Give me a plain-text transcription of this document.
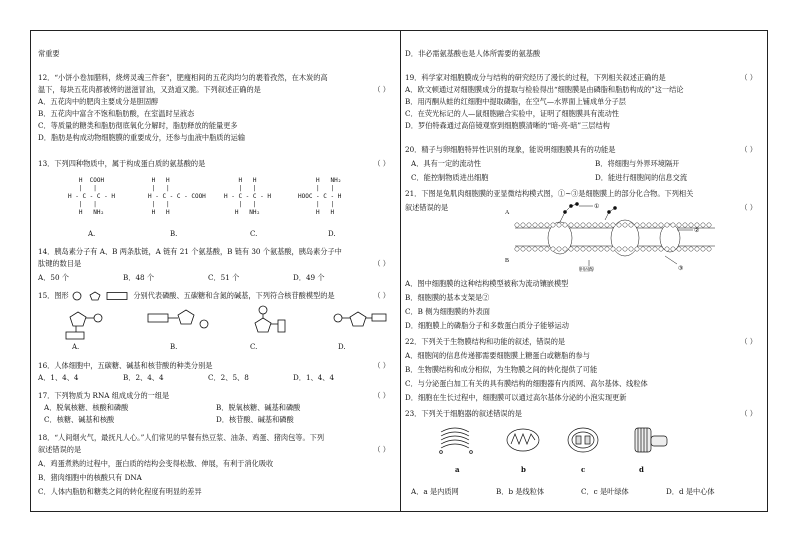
常重要
12．“小饼小卷加腊料，烧烤灵魂三件套”，肥瘦相间的五花肉均匀的裹着孜然，在木炭的高
温下，每块五花肉都被烤的滋滋冒油，又劲道又脆。下列叙述正确的是	（ ）
A．五花肉中的肥肉主要成分是胆固醇
B．五花肉中富含不饱和脂肪酸，在室温时呈液态
C．等质量的糖类和脂肪彻底氧化分解时，脂肪释放的能量更多
D．脂肪是构成动物细胞膜的重要成分，还参与血液中脂质的运输
13．下列四种物质中，属于构成蛋白质的氨基酸的是	（ ）
H  COOH
|   |
H - C - C - H
|   |
H   NH₂
H   H
|   |
H - C - C - COOH
|   |
H   H
H   H
|   |
H - C - C - H
|   |
H   NH₂
H   NH₂
|   |
HOOC - C - H
|   |
H   H
A.	B.	C.	D.
14．胰岛素分子有 A、B 两条肽链，A 链有 21 个氨基酸，B 链有 30 个氨基酸，胰岛素分子中
肽键的数目是	（ ）
A．50 个	B．48 个	C．51 个	D．49 个
15．图形	分别代表磷酸、五碳糖和含氮的碱基，下列符合核苷酸模型的是	（ ）
A.	B.	C.	D.
16．人体细胞中，五碳糖、碱基和核苷酸的种类分别是	（ ）
A．1、4、4	B．2、4、4	C．2、5、8	D．1、4、4
17．下列物质为 RNA 组成成分的一组是	（ ）
A．脱氧核糖、核酸和磷酸	B．脱氧核糖、碱基和磷酸
C．核糖、碱基和核酸	D．核苷酸、碱基和磷酸
18．“人间烟火气，最抚凡人心。”人们常见的早餐有热豆浆、油条、鸡蛋、猪肉包等。下列
叙述错误的是	（ ）
A．鸡蛋煮熟的过程中，蛋白质的结构会变得松散、伸展，有利于消化吸收
B．猪肉细胞中的核酸只有 DNA
C．人体内脂肪和糖类之间的转化程度有明显的差异
D．非必需氨基酸也是人体所需要的氨基酸
19．科学家对细胞膜成分与结构的研究经历了漫长的过程，下列相关叙述正确的是	（ ）
A．欧文顿通过对细胞膜成分的提取与检验得出“细胞膜是由磷脂和脂肪构成的”这一结论
B．用丙酮从蛙的红细胞中提取磷脂，在空气—水界面上铺成单分子层
C．在荧光标记的人—鼠细胞融合实验中，证明了细胞膜具有流动性
D．罗伯特森通过高倍镜观察到细胞膜清晰的“暗-亮-暗”三层结构
20．精子与卵细胞特异性识别的现象，能说明细胞膜具有的功能是	（ ）
A．具有一定的流动性	B．将细胞与外界环境隔开
C．能控制物质进出细胞	D．能进行细胞间的信息交流
21．下图是兔肌肉细胞膜的亚显微结构模式图，①~③是细胞膜上的部分化合物。下列相关
叙述错误的是	（ ）
A
B
①
②
③
胆固醇
A．图中细胞膜的这种结构模型被称为流动镶嵌模型
B．细胞膜的基本支架是②
C．B 侧为细胞膜的外表面
D．细胞膜上的磷脂分子和多数蛋白质分子能够运动
22．下列关于生物膜结构和功能的叙述，错误的是	（ ）
A．细胞间的信息传递都需要细胞膜上糖蛋白或糖脂的参与
B．生物膜结构和成分相似，为生物膜之间的转化提供了可能
C．与分泌蛋白加工有关的具有膜结构的细胞器有内质网、高尔基体、线粒体
D．细胞在生长过程中，细胞膜可以通过高尔基体分泌的小泡实现更新
23．下列关于细胞器的叙述错误的是	（ ）
a	b	c	d
A．a 是内质网	B．b 是线粒体	C．c 是叶绿体	D．d 是中心体
